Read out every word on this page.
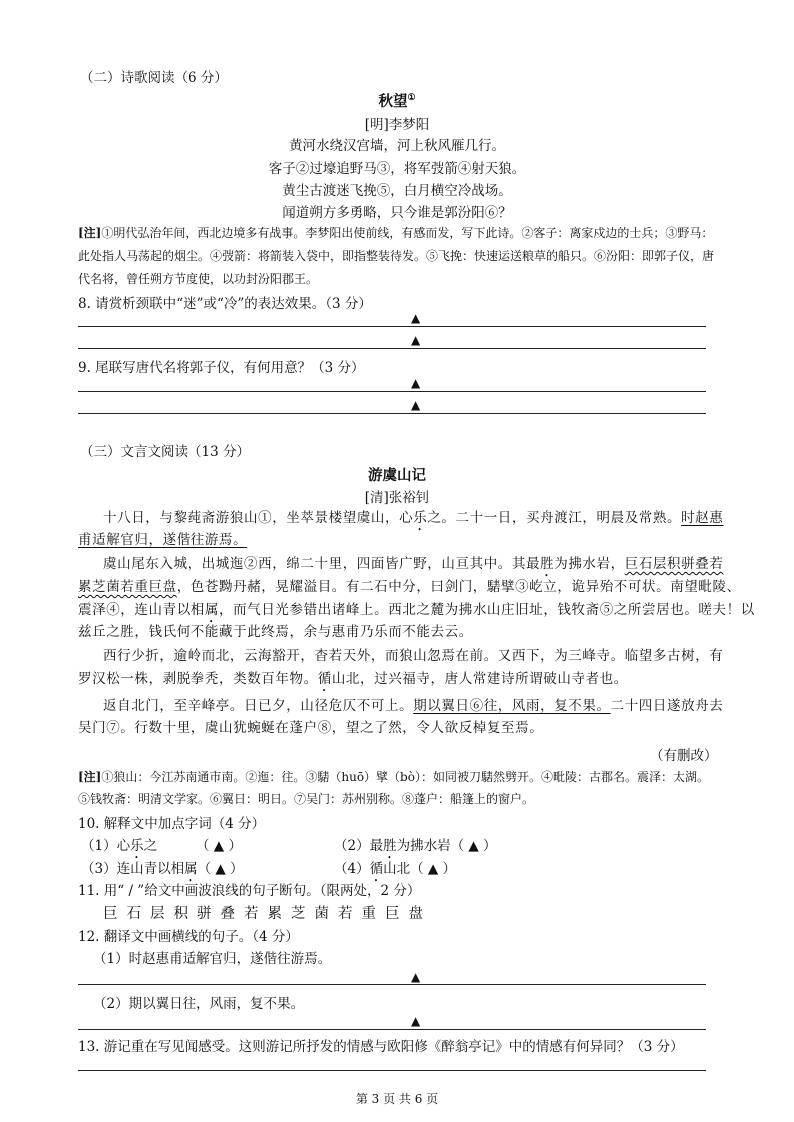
（二）诗歌阅读（6 分）
秋望①
[明]李梦阳
黄河水绕汉宫墙，河上秋风雁几行。
客子②过壕追野马③，将军弢箭④射天狼。
黄尘古渡迷飞挽⑤，白月横空冷战场。
闻道朔方多勇略，只今谁是郭汾阳⑥？
[注]①明代弘治年间，西北边境多有战事。李梦阳出使前线，有感而发，写下此诗。②客子：离家戍边的士兵；③野马：
此处指人马荡起的烟尘。④弢箭：将箭装入袋中，即指整装待发。⑤飞挽：快速运送粮草的船只。⑥汾阳：即郭子仪，唐
代名将，曾任朔方节度使，以功封汾阳郡王。
8. 请赏析颈联中“迷”或“冷”的表达效果。（3 分）
▲
▲
9. 尾联写唐代名将郭子仪，有何用意？（3 分）
▲
▲
（三）文言文阅读（13 分）
游虞山记
[清]张裕钊
十八日，与黎莼斋游狼山①，坐萃景楼望虞山，心乐之。二十一日，买舟渡江，明晨及常熟。时赵惠
甫适解官归，遂偕往游焉。
虞山尾东入城，出城迤②西，绵二十里，四面皆广野，山亘其中。其最胜为拂水岩，巨石层积骈叠若
累芝菌若重巨盘，色苍黝丹赭，晃耀溢目。有二石中分，曰剑门，騞擘③屹立，诡异殆不可状。南望毗陵、
震泽④，连山青以相属，而气日光参错出诸峰上。西北之麓为拂水山庄旧址，钱牧斋⑤之所尝居也。嗟夫！以
兹丘之胜，钱氏何不能藏于此终焉，余与惠甫乃乐而不能去云。
西行少折，逾岭而北，云海豁开，杳若天外，而狼山忽焉在前。又西下，为三峰寺。临望多古树，有
罗汉松一株，剥脱拳秃，类数百年物。循山北，过兴福寺，唐人常建诗所谓破山寺者也。
返自北门，至辛峰亭。日已夕，山径危仄不可上。期以翼日⑥往，风雨，复不果。二十四日遂放舟去
吴门⑦。行数十里，虞山犹蜿蜒在蓬户⑧，望之了然，令人欲反棹复至焉。
（有删改）
[注]①狼山：今江苏南通市南。②迤：往。③騞（huō）擘（bò）：如同被刀騞然劈开。④毗陵：古郡名。震泽：太湖。
⑤钱牧斋：明清文学家。⑥翼日：明日。⑦吴门：苏州别称。⑧蓬户：船篷上的窗户。
10. 解释文中加点字词（4 分）
（1）心乐之	（ ▲ ）	（2）最胜为拂水岩（ ▲ ）
（3）连山青以相属（ ▲ ）	（4）循山北（ ▲ ）
11. 用“ / ”给文中画波浪线的句子断句。（限两处，2 分）
巨石层积骈叠若累芝菌若重巨盘
12. 翻译文中画横线的句子。（4 分）
（1）时赵惠甫适解官归，遂偕往游焉。
▲
（2）期以翼日往，风雨，复不果。
▲
13. 游记重在写见闻感受。这则游记所抒发的情感与欧阳修《醉翁亭记》中的情感有何异同？（3 分）
第 3 页 共 6 页
